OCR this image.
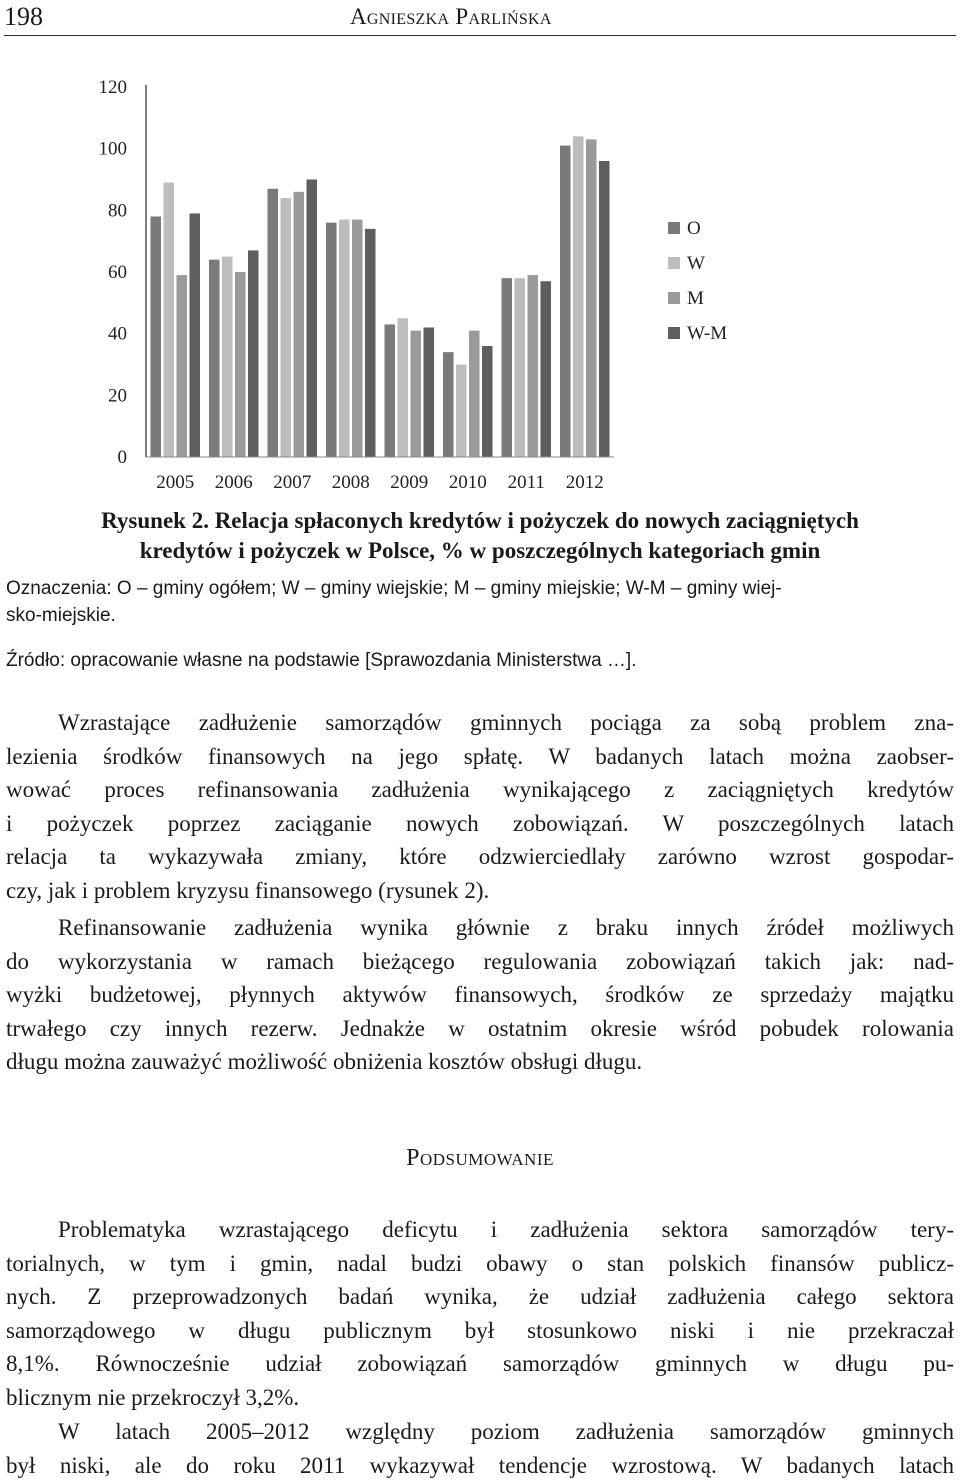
198	Agnieszka Parlińska
0
20
40
60
80
100
120
2005 2006 2007 2008 2009 2010 2011 2012
O
W
M
W-M
Rysunek 2. Relacja spłaconych kredytów i pożyczek do nowych zaciągniętych
kredytów i pożyczek w Polsce, % w poszczególnych kategoriach gmin
Oznaczenia: O – gminy ogółem; W – gminy wiejskie; M – gminy miejskie; W-M – gminy wiej-
sko-miejskie.
Źródło: opracowanie własne na podstawie [Sprawozdania Ministerstwa …].
Wzrastające zadłużenie samorządów gminnych pociąga za sobą problem zna-
lezienia środków finansowych na jego spłatę. W badanych latach można zaobser-
wować proces refinansowania zadłużenia wynikającego z zaciągniętych kredytów
i pożyczek poprzez zaciąganie nowych zobowiązań. W poszczególnych latach
relacja ta wykazywała zmiany, które odzwierciedlały zarówno wzrost gospodar-
czy, jak i problem kryzysu finansowego (rysunek 2).
Refinansowanie zadłużenia wynika głównie z braku innych źródeł możliwych
do wykorzystania w ramach bieżącego regulowania zobowiązań takich jak: nad-
wyżki budżetowej, płynnych aktywów finansowych, środków ze sprzedaży majątku
trwałego czy innych rezerw. Jednakże w ostatnim okresie wśród pobudek rolowania
długu można zauważyć możliwość obniżenia kosztów obsługi długu.
Podsumowanie
Problematyka wzrastającego deficytu i zadłużenia sektora samorządów tery-
torialnych, w tym i gmin, nadal budzi obawy o stan polskich finansów publicz-
nych. Z przeprowadzonych badań wynika, że udział zadłużenia całego sektora
samorządowego w długu publicznym był stosunkowo niski i nie przekraczał
8,1%. Równocześnie udział zobowiązań samorządów gminnych w długu pu-
blicznym nie przekroczył 3,2%.
W latach 2005–2012 względny poziom zadłużenia samorządów gminnych
był niski, ale do roku 2011 wykazywał tendencje wzrostową. W badanych latach
